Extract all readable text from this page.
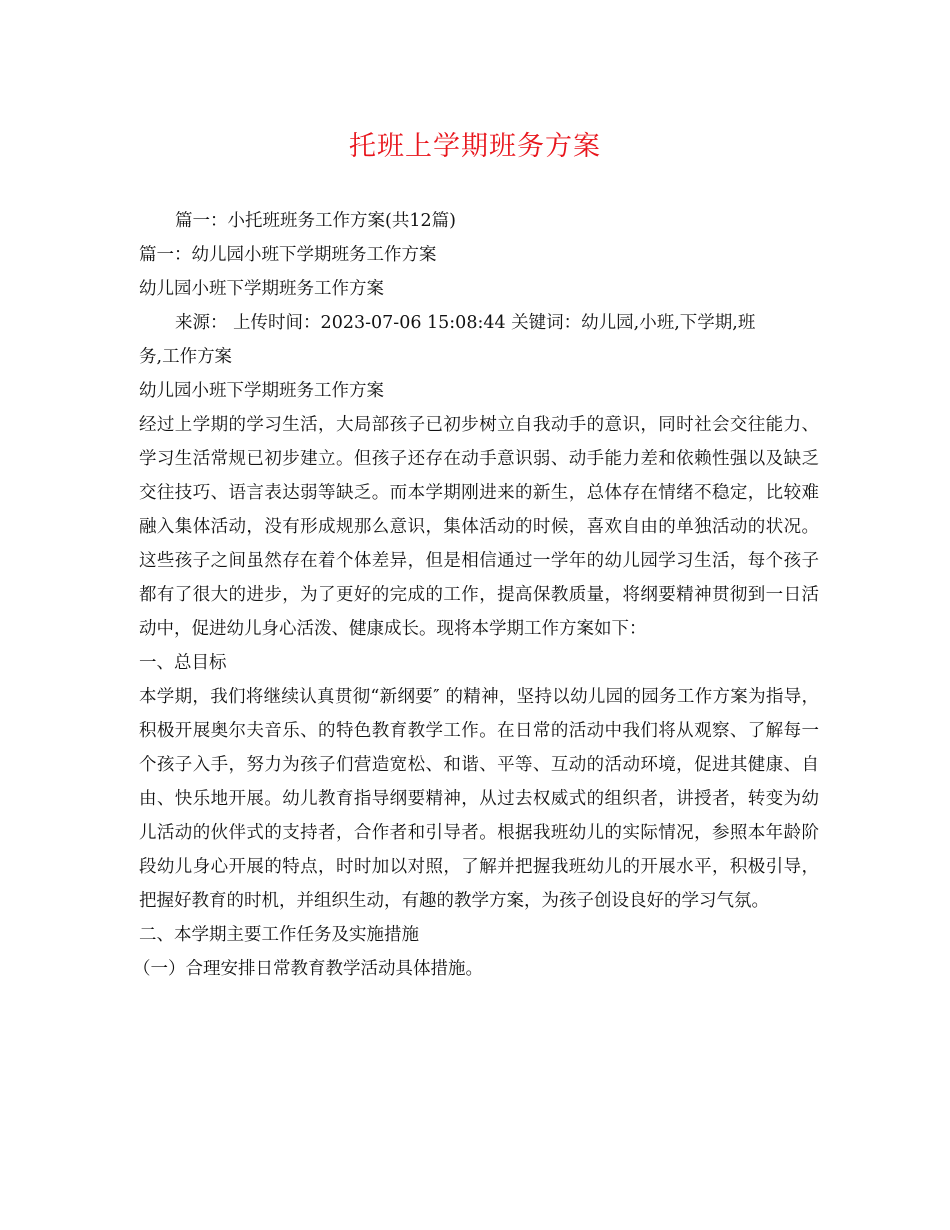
托班上学期班务方案
篇一：小托班班务工作方案(共12篇)
篇一：幼儿园小班下学期班务工作方案
幼儿园小班下学期班务工作方案
来源： 上传时间：2023-07-06 15:08:44 关键词：幼儿园,小班,下学期,班
务,工作方案
幼儿园小班下学期班务工作方案
经过上学期的学习生活，大局部孩子已初步树立自我动手的意识，同时社会交往能力、学习生活常规已初步建立。但孩子还存在动手意识弱、动手能力差和依赖性强以及缺乏交往技巧、语言表达弱等缺乏。而本学期刚进来的新生，总体存在情绪不稳定，比较难融入集体活动，没有形成规那么意识，集体活动的时候，喜欢自由的单独活动的状况。这些孩子之间虽然存在着个体差异，但是相信通过一学年的幼儿园学习生活，每个孩子都有了很大的进步，为了更好的完成的工作，提高保教质量，将纲要精神贯彻到一日活动中，促进幼儿身心活泼、健康成长。现将本学期工作方案如下：
一、总目标
本学期，我们将继续认真贯彻“新纲要″ 的精神，坚持以幼儿园的园务工作方案为指导，积极开展奥尔夫音乐、的特色教育教学工作。在日常的活动中我们将从观察、了解每一个孩子入手，努力为孩子们营造宽松、和谐、平等、互动的活动环境，促进其健康、自由、快乐地开展。幼儿教育指导纲要精神，从过去权威式的组织者，讲授者，转变为幼儿活动的伙伴式的支持者，合作者和引导者。根据我班幼儿的实际情况，参照本年龄阶段幼儿身心开展的特点，时时加以对照，了解并把握我班幼儿的开展水平，积极引导，把握好教育的时机，并组织生动，有趣的教学方案，为孩子创设良好的学习气氛。
二、本学期主要工作任务及实施措施
（一）合理安排日常教育教学活动具体措施。
